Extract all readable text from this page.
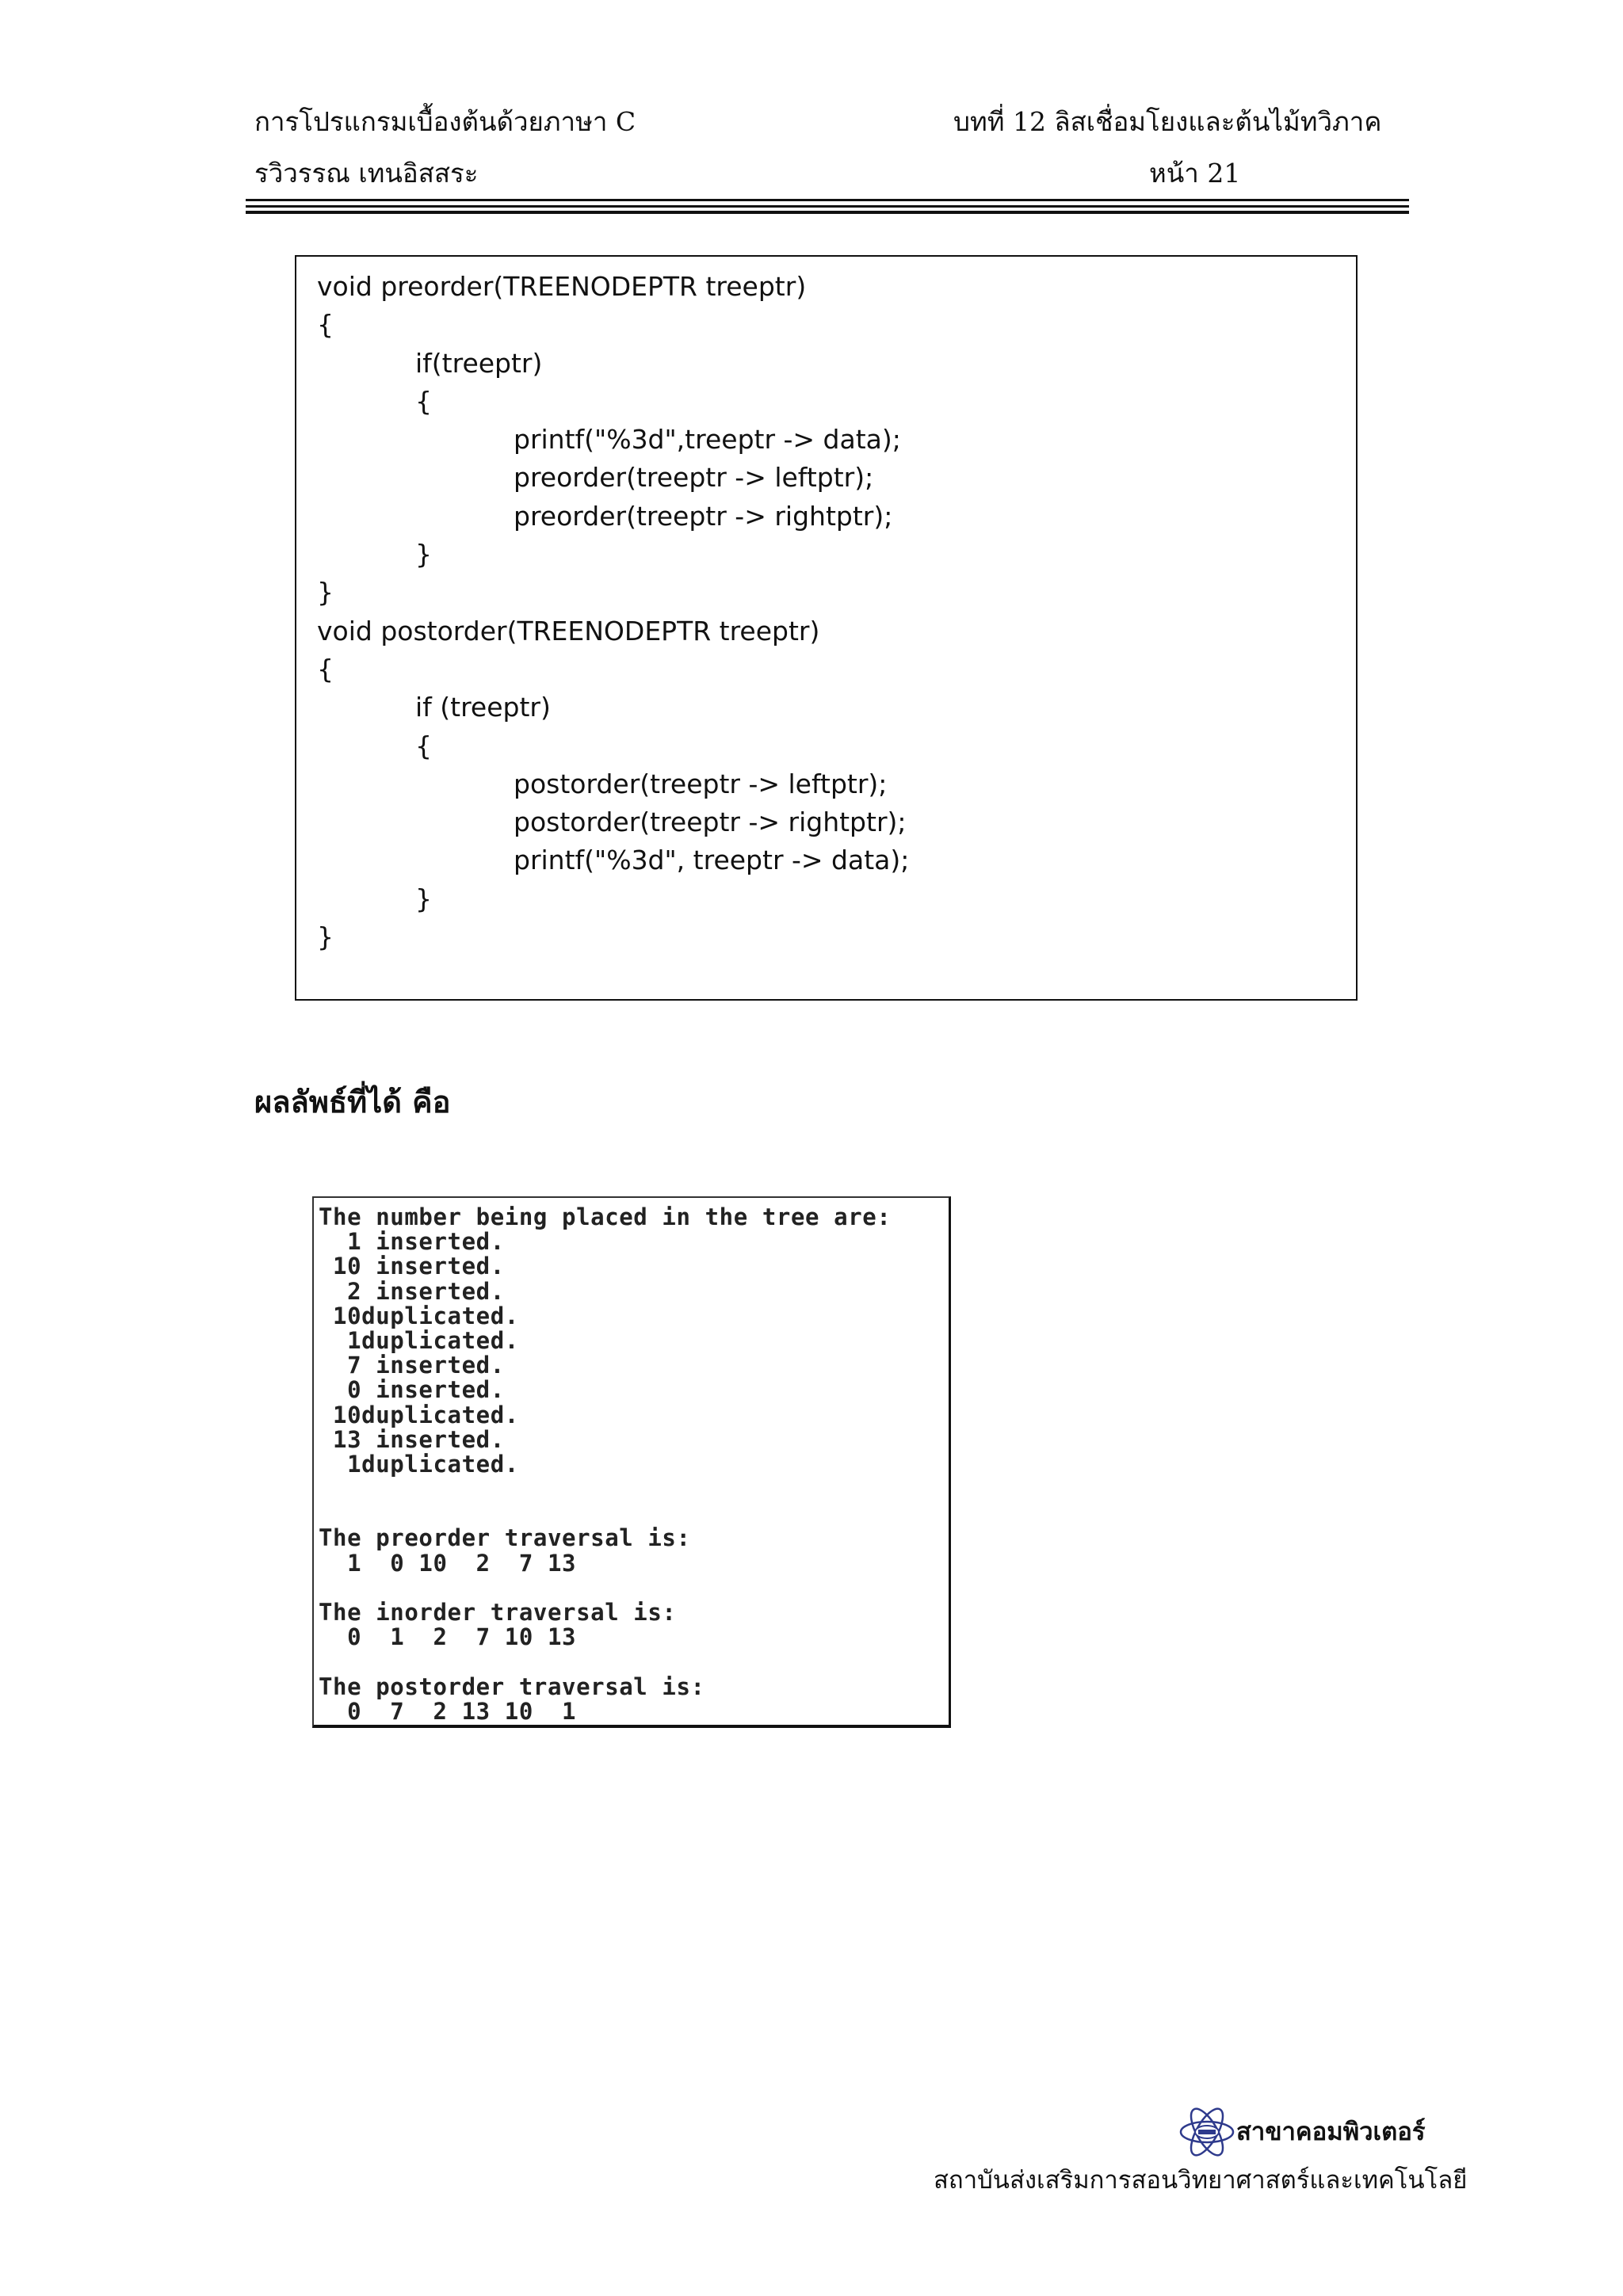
การโปรแกรมเบื้องต้นด้วยภาษา C
รวิวรรณ เทนอิสสระ
บทที่ 12 ลิสเชื่อมโยงและต้นไม้ทวิภาค
หน้า 21
void preorder(TREENODEPTR treeptr)
{
if(treeptr)
{
printf("%3d",treeptr -> data);
preorder(treeptr -> leftptr);
preorder(treeptr -> rightptr);
}
}
void postorder(TREENODEPTR treeptr)
{
if (treeptr)
{
postorder(treeptr -> leftptr);
postorder(treeptr -> rightptr);
printf("%3d", treeptr -> data);
}
}
ผลลัพธ์ที่ได้ คือ
The number being placed in the tree are:
1 inserted.
10 inserted.
2 inserted.
10duplicated.
1duplicated.
7 inserted.
0 inserted.
10duplicated.
13 inserted.
1duplicated.
The preorder traversal is:
1  0 10  2  7 13
The inorder traversal is:
0  1  2  7 10 13
The postorder traversal is:
0  7  2 13 10  1
สาขาคอมพิวเตอร์
สถาบันส่งเสริมการสอนวิทยาศาสตร์และเทคโนโลยี
